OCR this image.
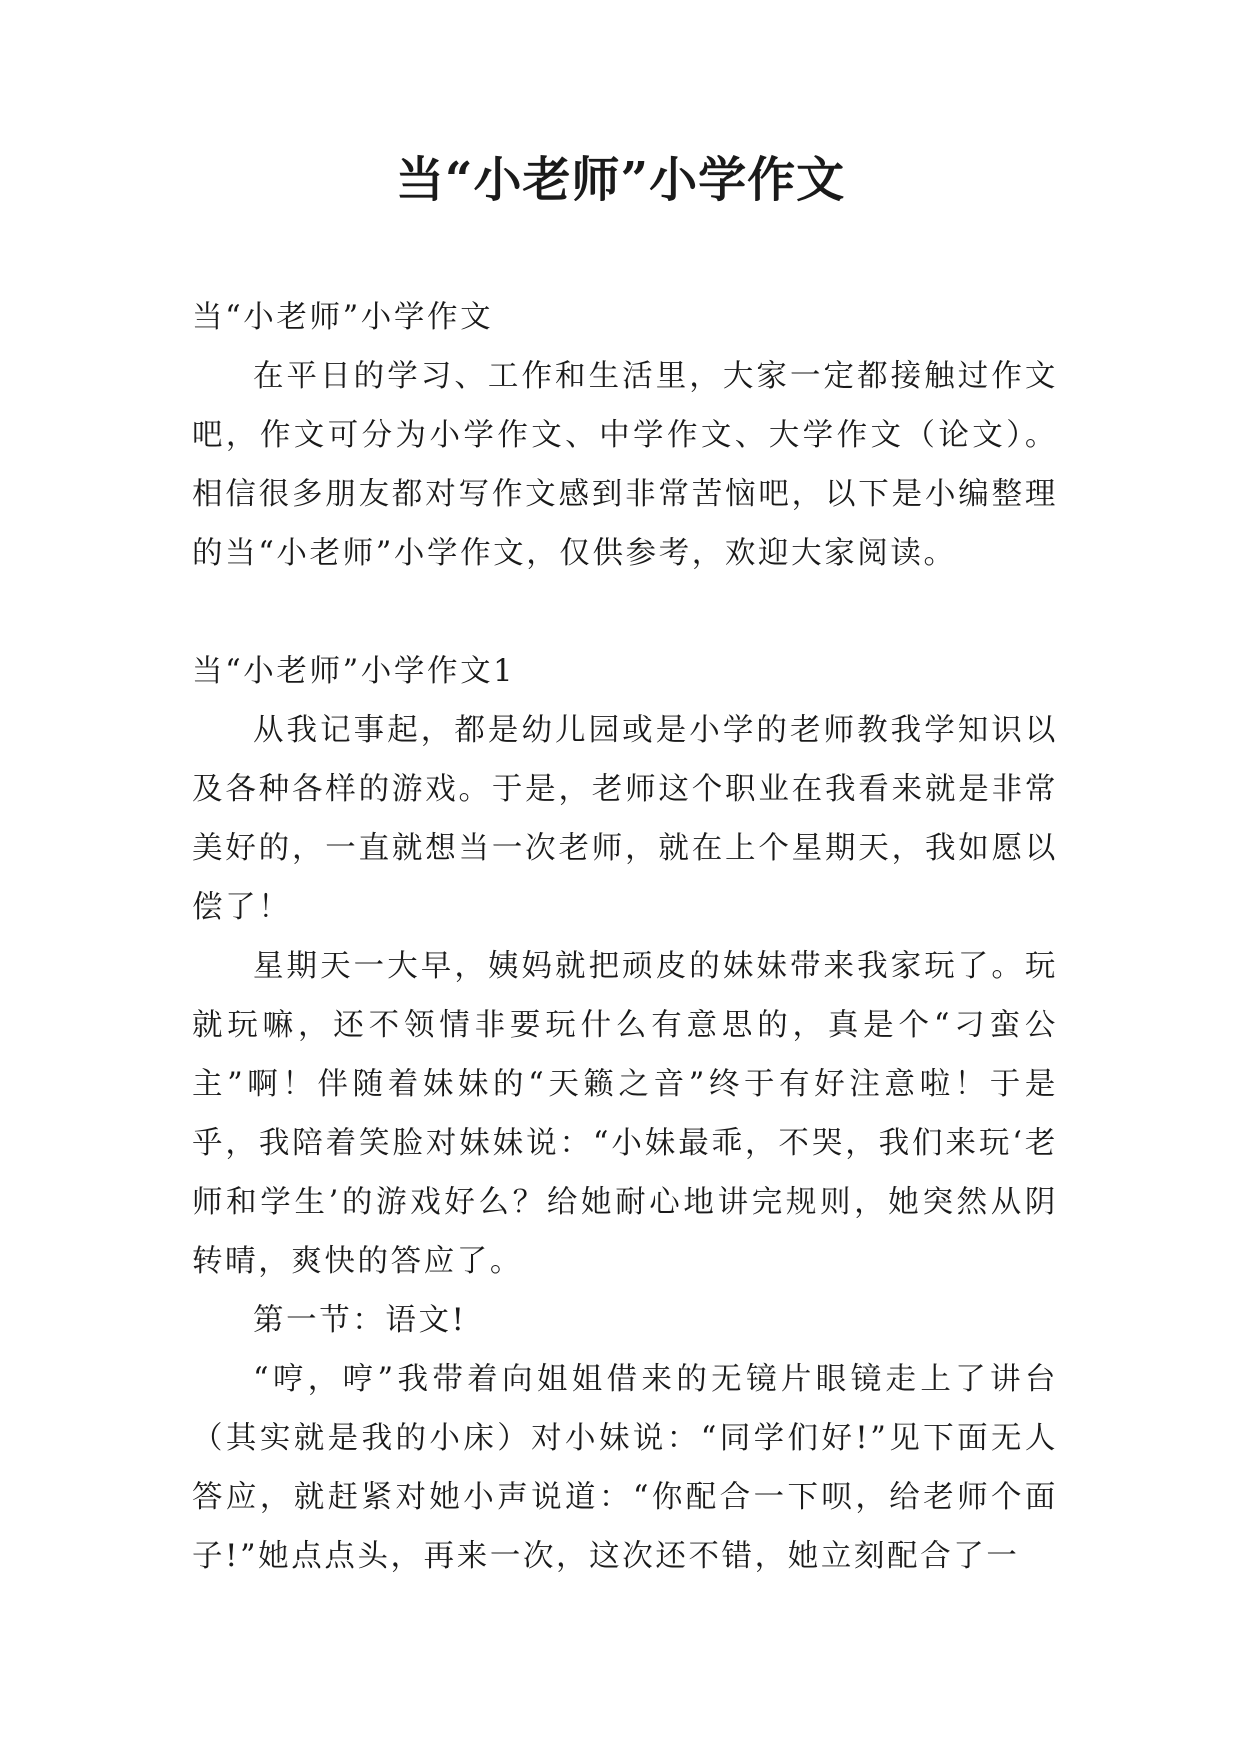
当“小老师”小学作文

当“小老师”小学作文

在平日的学习、工作和生活里，大家一定都接触过作文吧，作文可分为小学作文、中学作文、大学作文（论文）。相信很多朋友都对写作文感到非常苦恼吧，以下是小编整理的当“小老师”小学作文，仅供参考，欢迎大家阅读。

当“小老师”小学作文1

从我记事起，都是幼儿园或是小学的老师教我学知识以及各种各样的游戏。于是，老师这个职业在我看来就是非常美好的，一直就想当一次老师，就在上个星期天，我如愿以偿了！

星期天一大早，姨妈就把顽皮的妹妹带来我家玩了。玩就玩嘛，还不领情非要玩什么有意思的，真是个“刁蛮公主”啊！伴随着妹妹的“天籁之音”终于有好注意啦！于是乎，我陪着笑脸对妹妹说：“小妹最乖，不哭，我们来玩‘老师和学生’的游戏好么？给她耐心地讲完规则，她突然从阴转晴，爽快的答应了。

第一节：语文!

“哼，哼”我带着向姐姐借来的无镜片眼镜走上了讲台（其实就是我的小床）对小妹说：“同学们好!”见下面无人答应，就赶紧对她小声说道：“你配合一下呗，给老师个面子!”她点点头，再来一次，这次还不错，她立刻配合了一
